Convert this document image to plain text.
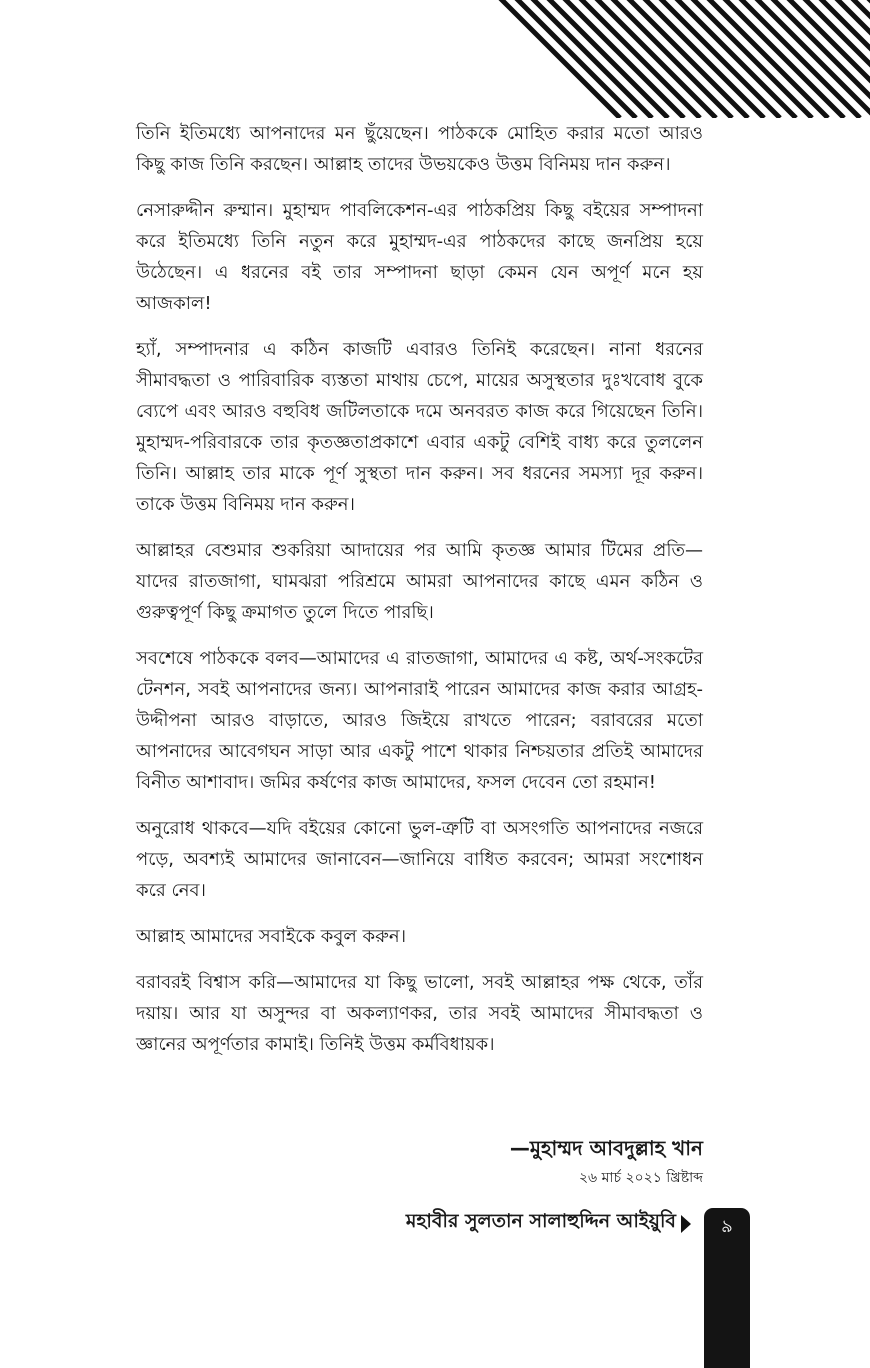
তিনি ইতিমধ্যে আপনাদের মন ছুঁয়েছেন। পাঠককে মোহিত করার মতো আরও কিছু কাজ তিনি করছেন। আল্লাহ তাদের উভয়কেও উত্তম বিনিময় দান করুন।

নেসারুদ্দীন রুম্মান। মুহাম্মদ পাবলিকেশন-এর পাঠকপ্রিয় কিছু বইয়ের সম্পাদনা করে ইতিমধ্যে তিনি নতুন করে মুহাম্মদ-এর পাঠকদের কাছে জনপ্রিয় হয়ে উঠেছেন। এ ধরনের বই তার সম্পাদনা ছাড়া কেমন যেন অপূর্ণ মনে হয় আজকাল!

হ্যাঁ, সম্পাদনার এ কঠিন কাজটি এবারও তিনিই করেছেন। নানা ধরনের সীমাবদ্ধতা ও পারিবারিক ব্যস্ততা মাথায় চেপে, মায়ের অসুস্থতার দুঃখবোধ বুকে ব্যেপে এবং আরও বহুবিধ জটিলতাকে দমে অনবরত কাজ করে গিয়েছেন তিনি। মুহাম্মদ-পরিবারকে তার কৃতজ্ঞতাপ্রকাশে এবার একটু বেশিই বাধ্য করে তুললেন তিনি। আল্লাহ তার মাকে পূর্ণ সুস্থতা দান করুন। সব ধরনের সমস্যা দূর করুন। তাকে উত্তম বিনিময় দান করুন।

আল্লাহর বেশুমার শুকরিয়া আদায়ের পর আমি কৃতজ্ঞ আমার টিমের প্রতি—যাদের রাতজাগা, ঘামঝরা পরিশ্রমে আমরা আপনাদের কাছে এমন কঠিন ও গুরুত্বপূর্ণ কিছু ক্রমাগত তুলে দিতে পারছি।

সবশেষে পাঠককে বলব—আমাদের এ রাতজাগা, আমাদের এ কষ্ট, অর্থ-সংকটের টেনশন, সবই আপনাদের জন্য। আপনারাই পারেন আমাদের কাজ করার আগ্রহ-উদ্দীপনা আরও বাড়াতে, আরও জিইয়ে রাখতে পারেন; বরাবরের মতো আপনাদের আবেগঘন সাড়া আর একটু পাশে থাকার নিশ্চয়তার প্রতিই আমাদের বিনীত আশাবাদ। জমির কর্ষণের কাজ আমাদের, ফসল দেবেন তো রহমান!

অনুরোধ থাকবে—যদি বইয়ের কোনো ভুল-ত্রুটি বা অসংগতি আপনাদের নজরে পড়ে, অবশ্যই আমাদের জানাবেন—জানিয়ে বাধিত করবেন; আমরা সংশোধন করে নেব।

আল্লাহ আমাদের সবাইকে কবুল করুন।

বরাবরই বিশ্বাস করি—আমাদের যা কিছু ভালো, সবই আল্লাহর পক্ষ থেকে, তাঁর দয়ায়। আর যা অসুন্দর বা অকল্যাণকর, তার সবই আমাদের সীমাবদ্ধতা ও জ্ঞানের অপূর্ণতার কামাই। তিনিই উত্তম কর্মবিধায়ক।

—মুহাম্মদ আবদুল্লাহ খান
২৬ মার্চ ২০২১ খ্রিষ্টাব্দ
মহাবীর সুলতান সালাহুদ্দিন আইয়ুবি	৯
